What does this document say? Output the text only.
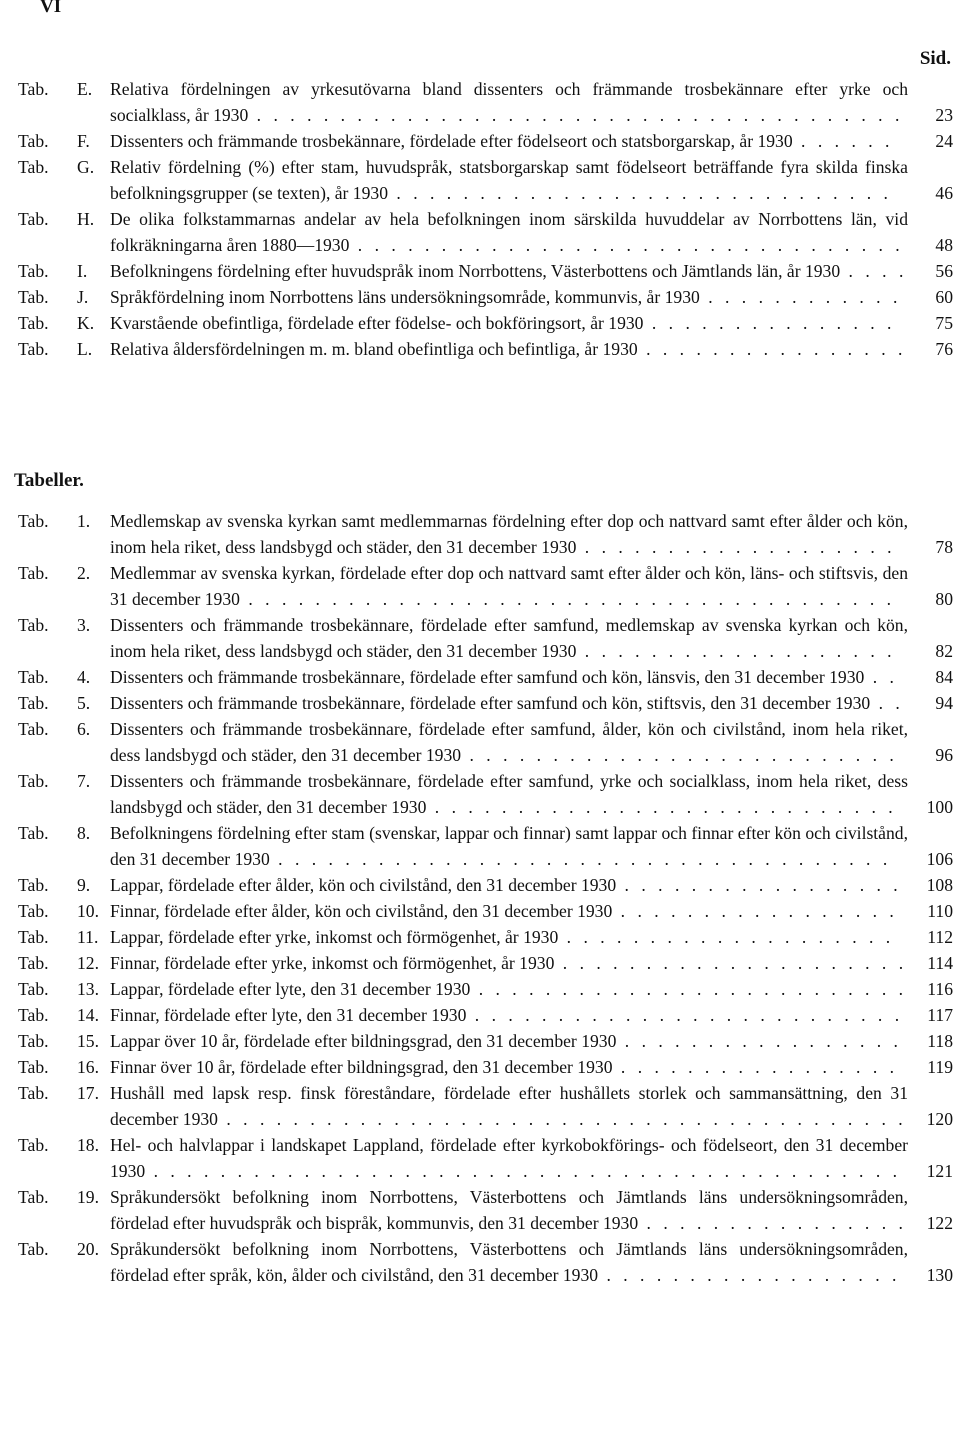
VI
Sid.
Tab.	E.	Relativa fördelningen av yrkesutövarna bland dissenters och främmande trosbekännare efter yrke och socialklass, år 1930 . . . . . . . . . . . . . . . . . . . . . . . . . . . . . . . . . . . . . . .	23
Tab.	F.	Dissenters och främmande trosbekännare, fördelade efter födelseort och statsborgarskap, år 1930 . . . . . .	24
Tab.	G. Relativ fördelning (%) efter stam, huvudspråk, statsborgarskap samt födelseort beträffande fyra skilda finska befolkningsgrupper (se texten), år 1930 . . . . . . . . . . . . . . . . . . . . . . . . . . . . . .	46
Tab.	H. De olika folkstammarnas andelar av hela befolkningen inom särskilda huvuddelar av Norrbottens län, vid folkräkningarna åren 1880—1930 . . . . . . . . . . . . . . . . . . . . . . . . . . . . . . . . .	48
Tab.	I.	Befolkningens fördelning efter huvudspråk inom Norrbottens, Västerbottens och Jämtlands län, år 1930 . . . .	56
Tab.	J.	Språkfördelning inom Norrbottens läns undersökningsområde, kommunvis, år 1930 . . . . . . . . . . . .	60
Tab.	K. Kvarstående obefintliga, fördelade efter födelse- och bokföringsort, år 1930 . . . . . . . . . . . . . . .	75
Tab.	L.	Relativa åldersfördelningen m. m. bland obefintliga och befintliga, år 1930 . . . . . . . . . . . . . . . .	76
Tabeller.
Tab.	1.	Medlemskap av svenska kyrkan samt medlemmarnas fördelning efter dop och nattvard samt efter ålder och kön, inom hela riket, dess landsbygd och städer, den 31 december 1930 . . . . . . . . . . . . . . . . . . .	78
Tab.	2.	Medlemmar av svenska kyrkan, fördelade efter dop och nattvard samt efter ålder och kön, läns- och stiftsvis, den 31 december 1930 . . . . . . . . . . . . . . . . . . . . . . . . . . . . . . . . . . . . . . .	80
Tab.	3.	Dissenters och främmande trosbekännare, fördelade efter samfund, medlemskap av svenska kyrkan och kön, inom hela riket, dess landsbygd och städer, den 31 december 1930 . . . . . . . . . . . . . . . . . . .	82
Tab.	4.	Dissenters och främmande trosbekännare, fördelade efter samfund och kön, länsvis, den 31 december 1930 . .	84
Tab.	5.	Dissenters och främmande trosbekännare, fördelade efter samfund och kön, stiftsvis, den 31 december 1930 . .	94
Tab.	6.	Dissenters och främmande trosbekännare, fördelade efter samfund, ålder, kön och civilstånd, inom hela riket, dess landsbygd och städer, den 31 december 1930 . . . . . . . . . . . . . . . . . . . . . . . . . .	96
Tab.	7.	Dissenters och främmande trosbekännare, fördelade efter samfund, yrke och socialklass, inom hela riket, dess landsbygd och städer, den 31 december 1930 . . . . . . . . . . . . . . . . . . . . . . . . . . . .	100
Tab.	8.	Befolkningens fördelning efter stam (svenskar, lappar och finnar) samt lappar och finnar efter kön och civilstånd, den 31 december 1930 . . . . . . . . . . . . . . . . . . . . . . . . . . . . . . . . . . . . .	106
Tab.	9.	Lappar, fördelade efter ålder, kön och civilstånd, den 31 december 1930 . . . . . . . . . . . . . . . . .	108
Tab.	10. Finnar, fördelade efter ålder, kön och civilstånd, den 31 december 1930 . . . . . . . . . . . . . . . . .	110
Tab.	11. Lappar, fördelade efter yrke, inkomst och förmögenhet, år 1930 . . . . . . . . . . . . . . . . . . . .	112
Tab.	12. Finnar, fördelade efter yrke, inkomst och förmögenhet, år 1930 . . . . . . . . . . . . . . . . . . . . .	114
Tab.	13. Lappar, fördelade efter lyte, den 31 december 1930 . . . . . . . . . . . . . . . . . . . . . . . . . .	116
Tab.	14. Finnar, fördelade efter lyte, den 31 december 1930 . . . . . . . . . . . . . . . . . . . . . . . . . .	117
Tab.	15. Lappar över 10 år, fördelade efter bildningsgrad, den 31 december 1930 . . . . . . . . . . . . . . . . .	118
Tab.	16. Finnar över 10 år, fördelade efter bildningsgrad, den 31 december 1930 . . . . . . . . . . . . . . . . .	119
Tab.	17. Hushåll med lapsk resp. finsk föreståndare, fördelade efter hushållets storlek och sammansättning, den 31 december 1930 . . . . . . . . . . . . . . . . . . . . . . . . . . . . . . . . . . . . . . . . .	120
Tab.	18. Hel- och halvlappar i landskapet Lappland, fördelade efter kyrkobokförings- och födelseort, den 31 december 1930 . . . . . . . . . . . . . . . . . . . . . . . . . . . . . . . . . . . . . . . . . . . . .	121
Tab.	19. Språkundersökt befolkning inom Norrbottens, Västerbottens och Jämtlands läns undersökningsområden, fördelad efter huvudspråk och bispråk, kommunvis, den 31 december 1930 . . . . . . . . . . . . . . . .	122
Tab.	20. Språkundersökt befolkning inom Norrbottens, Västerbottens och Jämtlands läns undersökningsområden, fördelad efter språk, kön, ålder och civilstånd, den 31 december 1930 . . . . . . . . . . . . . . . . . .	130
